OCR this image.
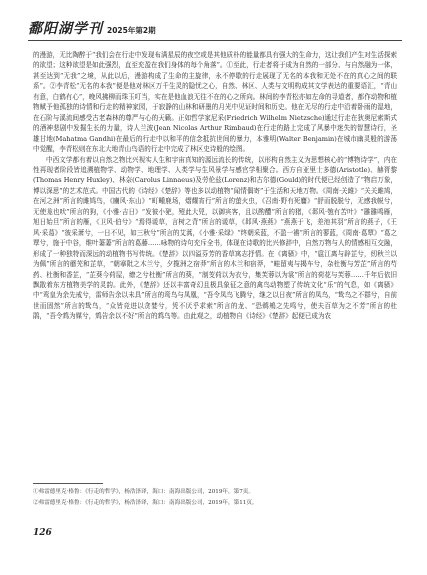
鄱阳湖学刊 2025年第2期

的漫游，无比陶醉于“我们会在行走中发现布满星辰的夜空或是其他质朴的能量都具有强大的生命力，这让我们产生对生活探索的欲望；这种欲望是如此强烈，直至充盈在我们身体的每个角落”。①至此，行走者将于成为自然的一部分、与自然融为一体，甚至达到“无我”之境，从此以后，漫游构成了生命的主旋律，永不停歇的行走展现了无名的本我和无处不在的真心之间的联系”。②李青松“无名的本我”便是他对林区万千生灵的隐忧之心，自然、林区、人类与文明构成其文学表达的重要语汇，“青山有意，白鹤有心”，晚风拂柳而珠玉叮当，实在是他血浪无往不在的心之所向。林间的李青松亦如左命的寻道者，都作动物和植物赋予他孤独的诗情和行走的精神家园，于寂静的山林和研墨的月光中见证时间和历史。他在无尽的行走中沿着卧雨的湿地，在石阶与溪流间感受古老森林的尊严与心的天籁。正如哲学家尼采(Friedrich Wilhelm Nietzsche)通过行走在狄奥尼索斯式的酒神悲剧中发掘生长的力量，诗人兰波(Jean Nicolas Arthur Rimbaud)在行走的路上完成了风暴中迷失的智慧诗行，圣雄甘地(Mahatma Gandhi)在最后的行走中以和平的信念抵抗世间的暴力，本雅明(Walter Benjamin)在城市幽灵般的游荡中觉醒，李青松则在东北大地青山鸟语的行走中完成了林区史诗般的绘图。

中西文学都有着以自然之物比兴视实人生和宇宙真知的源远流长的传统，以形构自然主义为思想核心的“博物诗学”，内在性再现者阶段皆追溯植物学、动物学、地理学、人类学与生风景学与感官学相聚合。西方自亚里士多德(Aristotle)、赫胥黎(Thomas Henry Huxley)、林奈(Carolus Linnaeus)及劳伦兹(Lorenz)和古尔德(Gould)的时代便已经创造了“物启万象，博以深思”的艺术范式。中国古代的《诗经》《楚辞》等也多以动植物“闻情偶寄”于生活和天地万物。《周南·关雎》“关关雎鸠，在河之洲”所言的雎鸠鸟，《豳风·东山》“町畽鹿场，熠耀宵行”所言的萤火虫，《召南·野有死麕》“舒而脱脱兮，无感我帨兮，无使尨也吠”所言的狗，《小雅·吉日》“发彼小豝，殪此大兕，以御宾客，且以酌醴”所言的猪，《邶风·匏有苦叶》“雝雝鸣雁，旭日始旦”所言的雁，《卫风·伯兮》“焉得谖草，言树之背”所言的谖草，《邶风·燕燕》“燕燕于飞，差池其羽”所言的燕子，《王风·采葛》“彼采萧兮，一日不见，如三秋兮”所言的艾蒿，《小雅·采绿》“终朝采蓝，不盈一襜”所言的蓼蓝，《周南·葛覃》“葛之覃兮，施于中谷，维叶萋萋”所言的葛藤……咏物的诗句充斥全书，体现在诗歌的比兴修辞中，自然万物与人的情感相互交融，形成了一种独特而深远的动植物书写传统。《楚辞》以四溢芬芳的香草寓志抒情。在《离骚》中，“扈江离与辟芷兮，纫秋兰以为佩”所言的蘼芜和芷草，“朝搴阰之木兰兮，夕揽洲之宿莽”所言的木兰和宿莽，“畦留夷与揭车兮，杂杜衡与芳芷”所言的芍药、杜衡和香芷，“芷葵今荷屋，缭之兮杜衡”所言的葵，“制芰荷以为衣兮，集芙蓉以为裳”所言的荷花与芙蓉……千年后依旧飘散着东方植物美学的灵韵。此外，《楚辞》还以丰富奇幻且极具象征之意的禽鸟动物塑了传统文化“乐”的气息，如《离骚》中“鸾皇为余先戒兮，雷师告余以未具”所言的鸾鸟与凤凰，“吾令凤鸟飞腾兮，继之以日夜”所言的凤鸟，“鸷鸟之不群兮，自前世而固然”所言的鸷鸟，“众皆竞进以贪婪兮，凭不厌乎求索”所言的龙、“恐鹈鴂之先鸣兮，使夫百草为之不芳”所言的杜鹃，“吾令鸩为媒兮，鸩告余以不好”所言的鸩鸟等。由此观之，动植物自《诗经》《楚辞》起便已成为农

①弗雷德里克·格鲁：《行走的哲学》，杨浩泽译，海口：南海出版公司，2019年，第7页。

②弗雷德里克·格鲁：《行走的哲学》，杨浩泽译，海口：南海出版公司，2019年，第11页。

126
